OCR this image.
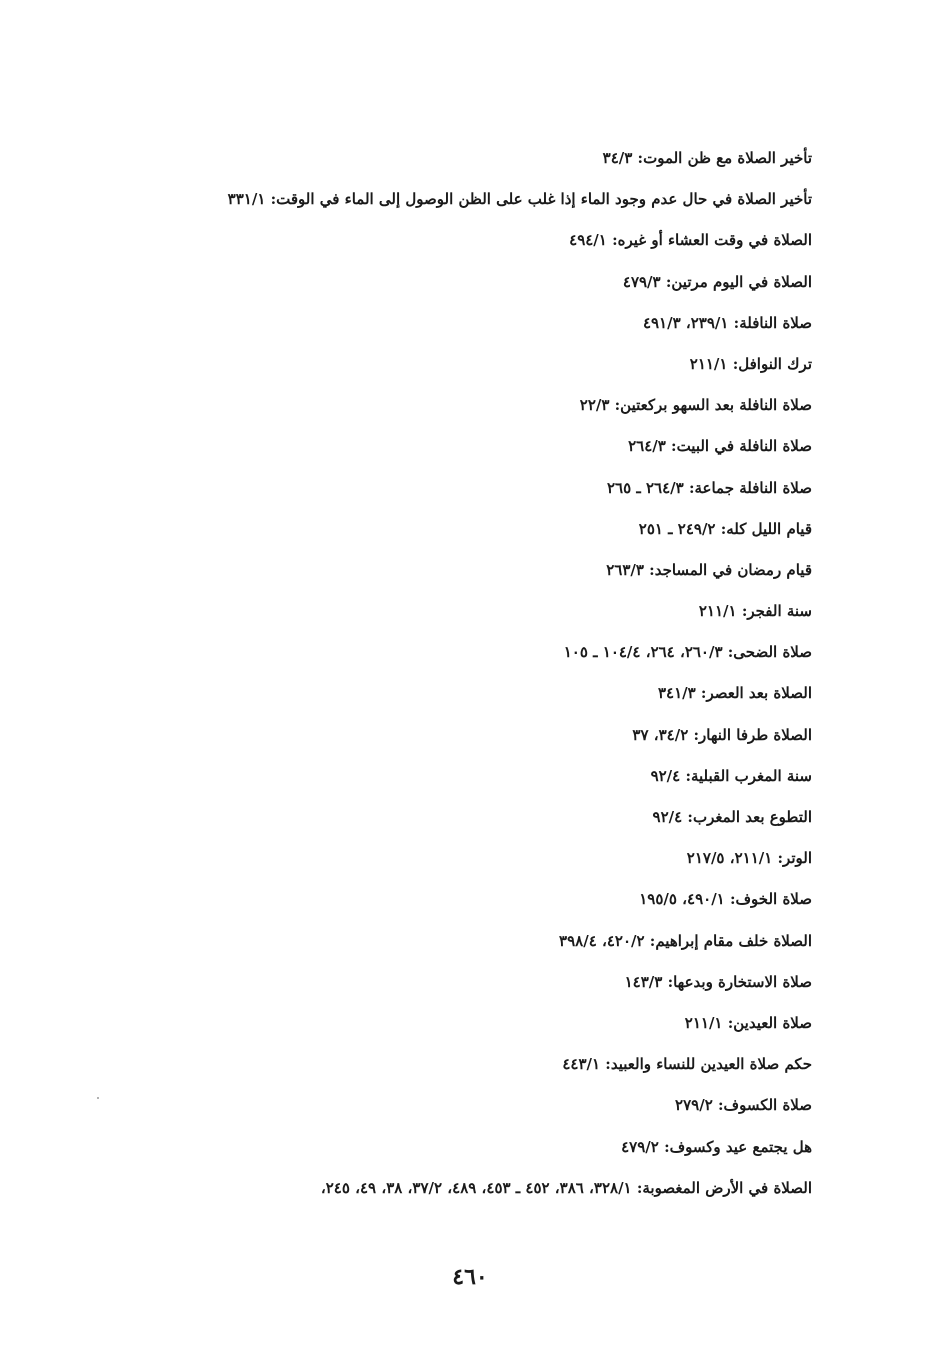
تأخير الصلاة مع ظن الموت: ٣٤/٣
تأخير الصلاة في حال عدم وجود الماء إذا غلب على الظن الوصول إلى الماء في الوقت: ٣٣١/١
الصلاة في وقت العشاء أو غيره: ٤٩٤/١
الصلاة في اليوم مرتين: ٤٧٩/٣
صلاة النافلة: ٢٣٩/١، ٤٩١/٣
ترك النوافل: ٢١١/١
صلاة النافلة بعد السهو بركعتين: ٢٢/٣
صلاة النافلة في البيت: ٢٦٤/٣
صلاة النافلة جماعة: ٢٦٤/٣ ـ ٢٦٥
قيام الليل كله: ٢٤٩/٢ ـ ٢٥١
قيام رمضان في المساجد: ٢٦٣/٣
سنة الفجر: ٢١١/١
صلاة الضحى: ٢٦٠/٣، ٢٦٤، ١٠٤/٤ ـ ١٠٥
الصلاة بعد العصر: ٣٤١/٣
الصلاة طرفا النهار: ٣٤/٢، ٣٧
سنة المغرب القبلية: ٩٢/٤
التطوع بعد المغرب: ٩٢/٤
الوتر: ٢١١/١، ٢١٧/٥
صلاة الخوف: ٤٩٠/١، ١٩٥/٥
الصلاة خلف مقام إبراهيم: ٤٢٠/٢، ٣٩٨/٤
صلاة الاستخارة وبدعها: ١٤٣/٣
صلاة العيدين: ٢١١/١
حكم صلاة العيدين للنساء والعبيد: ٤٤٣/١
صلاة الكسوف: ٢٧٩/٢
هل يجتمع عيد وكسوف: ٤٧٩/٢
الصلاة في الأرض المغصوبة: ٣٢٨/١، ٣٨٦، ٤٥٢ ـ ٤٥٣، ٤٨٩، ٣٧/٢، ٣٨، ٤٩، ٢٤٥،
٤٦٠
